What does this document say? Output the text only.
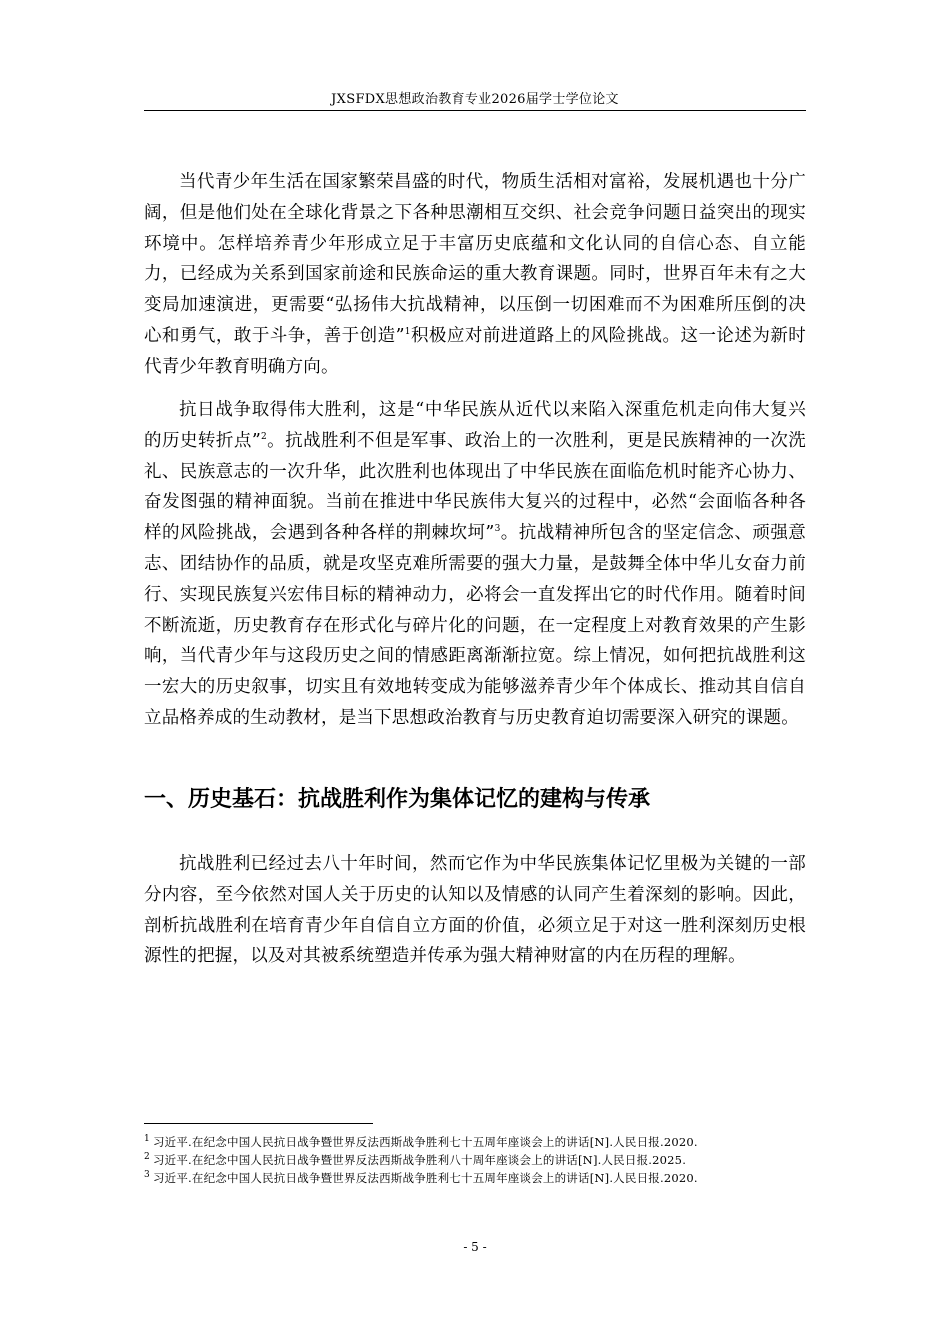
JXSFDX思想政治教育专业2026届学士学位论文

当代青少年生活在国家繁荣昌盛的时代，物质生活相对富裕，发展机遇也十分广阔，但是他们处在全球化背景之下各种思潮相互交织、社会竞争问题日益突出的现实环境中。怎样培养青少年形成立足于丰富历史底蕴和文化认同的自信心态、自立能力，已经成为关系到国家前途和民族命运的重大教育课题。同时，世界百年未有之大变局加速演进，更需要“弘扬伟大抗战精神，以压倒一切困难而不为困难所压倒的决心和勇气，敢于斗争，善于创造”$^1$积极应对前进道路上的风险挑战。这一论述为新时代青少年教育明确方向。

抗日战争取得伟大胜利，这是“中华民族从近代以来陷入深重危机走向伟大复兴的历史转折点”$^2$。抗战胜利不但是军事、政治上的一次胜利，更是民族精神的一次洗礼、民族意志的一次升华，此次胜利也体现出了中华民族在面临危机时能齐心协力、奋发图强的精神面貌。当前在推进中华民族伟大复兴的过程中，必然“会面临各种各样的风险挑战，会遇到各种各样的荆棘坎坷”$^3$。抗战精神所包含的坚定信念、顽强意志、团结协作的品质，就是攻坚克难所需要的强大力量，是鼓舞全体中华儿女奋力前行、实现民族复兴宏伟目标的精神动力，必将会一直发挥出它的时代作用。随着时间不断流逝，历史教育存在形式化与碎片化的问题，在一定程度上对教育效果的产生影响，当代青少年与这段历史之间的情感距离渐渐拉宽。综上情况，如何把抗战胜利这一宏大的历史叙事，切实且有效地转变成为能够滋养青少年个体成长、推动其自信自立品格养成的生动教材，是当下思想政治教育与历史教育迫切需要深入研究的课题。

一、历史基石：抗战胜利作为集体记忆的建构与传承

抗战胜利已经过去八十年时间，然而它作为中华民族集体记忆里极为关键的一部分内容，至今依然对国人关于历史的认知以及情感的认同产生着深刻的影响。因此，剖析抗战胜利在培育青少年自信自立方面的价值，必须立足于对这一胜利深刻历史根源性的把握，以及对其被系统塑造并传承为强大精神财富的内在历程的理解。

$^1$ 习近平.在纪念中国人民抗日战争暨世界反法西斯战争胜利七十五周年座谈会上的讲话[N].人民日报.2020.

$^2$ 习近平.在纪念中国人民抗日战争暨世界反法西斯战争胜利八十周年座谈会上的讲话[N].人民日报.2025.

$^3$ 习近平.在纪念中国人民抗日战争暨世界反法西斯战争胜利七十五周年座谈会上的讲话[N].人民日报.2020.

- 5 -
